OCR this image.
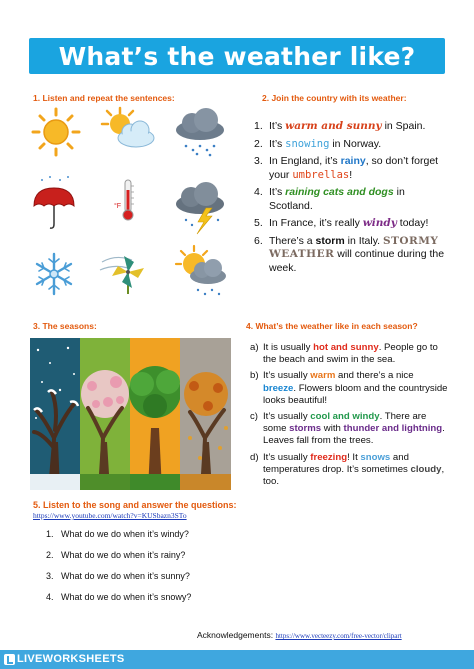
What’s the weather like?
1. Listen and repeat the sentences:
°F
2. Join the country with its weather:
1. It’s warm and sunny in Spain.
2. It’s snowing in Norway.
3. In England, it’s rainy, so don’t forget your umbrellas!
4. It’s raining cats and dogs in Scotland.
5. In France, it’s really windy today!
6. There’s a storm in Italy. STORMY WEATHER will continue during the week.
3. The seasons:	4. What’s the weather like in each season?
a) It is usually hot and sunny. People go to the beach and swim in the sea.
b) It’s usually warm and there’s a nice breeze. Flowers bloom and the countryside looks beautiful!
c) It’s usually cool and windy. There are some storms with thunder and lightning. Leaves fall from the trees.
d) It’s usually freezing! It snows and temperatures drop. It’s sometimes cloudy, too.
5. Listen to the song and answer the questions:
https://www.youtube.com/watch?v=KUSbazn3STo
1. What do we do when it’s windy?
2. What do we do when it’s rainy?
3. What do we do when it’s sunny?
4. What do we do when it’s snowy?
Acknowledgements: https://www.vecteezy.com/free-vector/clipart
LIVEWORKSHEETS
